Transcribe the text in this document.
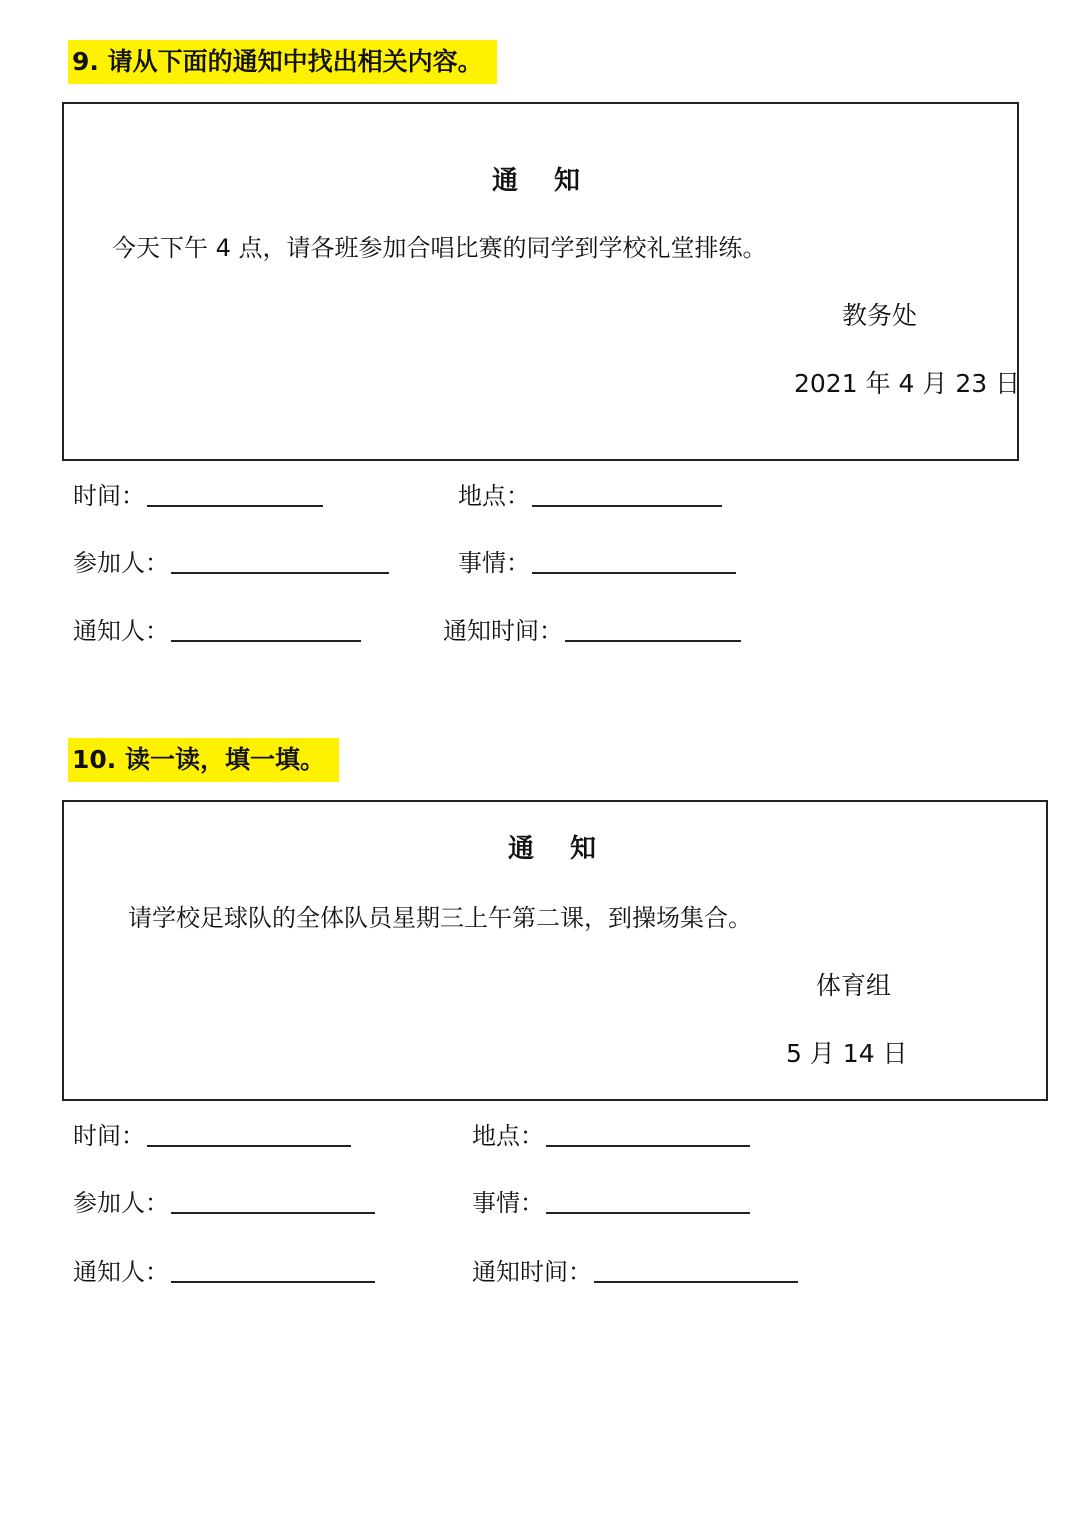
9. 请从下面的通知中找出相关内容。
通知
今天下午 4 点，请各班参加合唱比赛的同学到学校礼堂排练。
教务处
2021 年 4 月 23 日
时间：	地点：
参加人：	事情：
通知人：	通知时间：
10. 读一读，填一填。
通知
请学校足球队的全体队员星期三上午第二课，到操场集合。
体育组
5 月 14 日
时间：	地点：
参加人：	事情：
通知人：	通知时间：
